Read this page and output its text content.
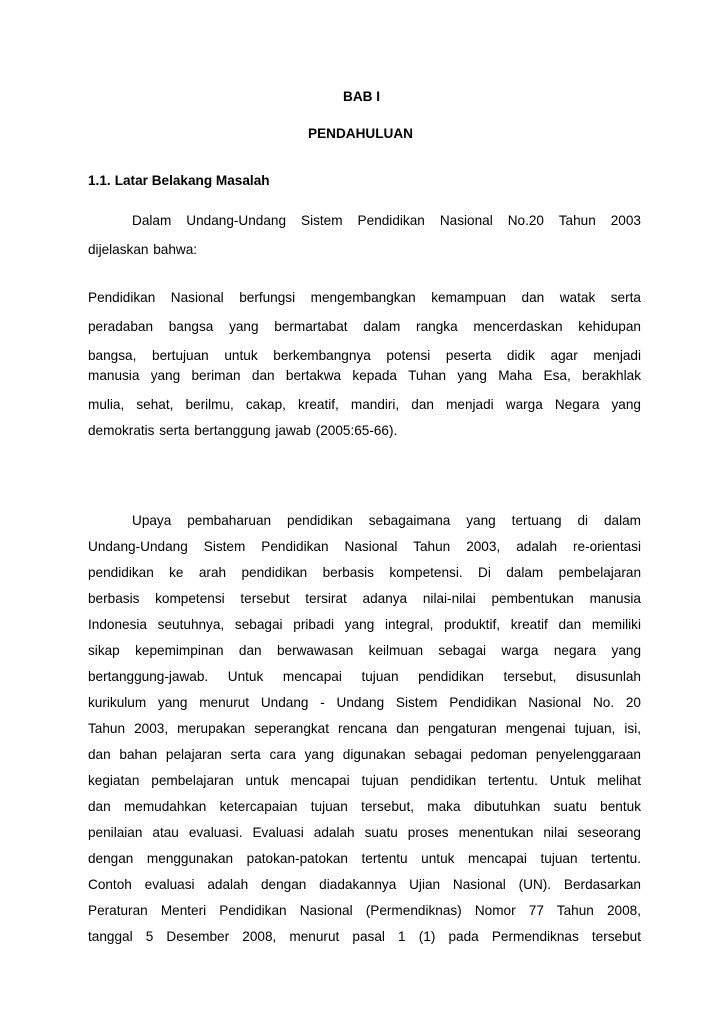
BAB I
PENDAHULUAN
1.1. Latar Belakang Masalah
Dalam Undang-Undang Sistem Pendidikan Nasional No.20 Tahun 2003
dijelaskan bahwa:
Pendidikan Nasional berfungsi mengembangkan kemampuan dan watak serta
peradaban bangsa yang bermartabat dalam rangka mencerdaskan kehidupan
bangsa, bertujuan untuk berkembangnya potensi peserta didik agar menjadi
manusia yang beriman dan bertakwa kepada Tuhan yang Maha Esa, berakhlak
mulia, sehat, berilmu, cakap, kreatif, mandiri, dan menjadi warga Negara yang
demokratis serta bertanggung jawab (2005:65-66).
Upaya pembaharuan pendidikan sebagaimana yang tertuang di dalam
Undang-Undang Sistem Pendidikan Nasional Tahun 2003, adalah re-orientasi
pendidikan ke arah pendidikan berbasis kompetensi. Di dalam pembelajaran
berbasis kompetensi tersebut tersirat adanya nilai-nilai pembentukan manusia
Indonesia seutuhnya, sebagai pribadi yang integral, produktif, kreatif dan memiliki
sikap kepemimpinan dan berwawasan keilmuan sebagai warga negara yang
bertanggung-jawab. Untuk mencapai tujuan pendidikan tersebut, disusunlah
kurikulum yang menurut Undang - Undang Sistem Pendidikan Nasional No. 20
Tahun 2003, merupakan seperangkat rencana dan pengaturan mengenai tujuan, isi,
dan bahan pelajaran serta cara yang digunakan sebagai pedoman penyelenggaraan
kegiatan pembelajaran untuk mencapai tujuan pendidikan tertentu. Untuk melihat
dan memudahkan ketercapaian tujuan tersebut, maka dibutuhkan suatu bentuk
penilaian atau evaluasi. Evaluasi adalah suatu proses menentukan nilai seseorang
dengan menggunakan patokan-patokan tertentu untuk mencapai tujuan tertentu.
Contoh evaluasi adalah dengan diadakannya Ujian Nasional (UN). Berdasarkan
Peraturan Menteri Pendidikan Nasional (Permendiknas) Nomor 77 Tahun 2008,
tanggal 5 Desember 2008, menurut pasal 1 (1) pada Permendiknas tersebut
